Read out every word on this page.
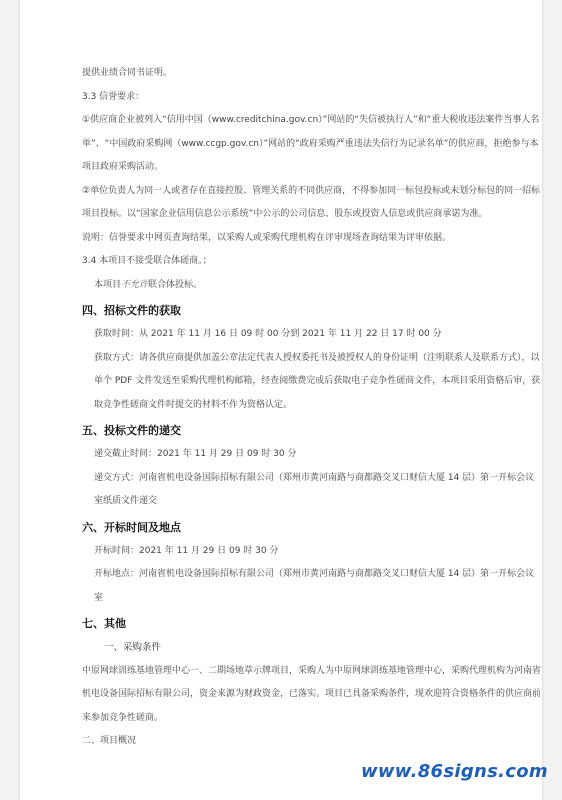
提供业绩合同书证明。

3.3 信誉要求：

①供应商企业被列入“信用中国（www.creditchina.gov.cn）”网站的“失信被执行人”和“重大税收违法案件当事人名单”、“中国政府采购网（www.ccgp.gov.cn）”网站的“政府采购严重违法失信行为记录名单”的供应商，拒绝参与本项目政府采购活动。

②单位负责人为同一人或者存在直接控股、管理关系的不同供应商，不得参加同一标包投标或未划分标包的同一招标项目投标。以“国家企业信用信息公示系统”中公示的公司信息、股东或投资人信息或供应商承诺为准。

说明：信誉要求中网页查询结果，以采购人或采购代理机构在评审现场查询结果为评审依据。

3.4 本项目不接受联合体磋商。；

本项目不允许联合体投标。

四、招标文件的获取

获取时间：从 2021 年 11 月 16 日 09 时 00 分到 2021 年 11 月 22 日 17 时 00 分

获取方式：请各供应商提供加盖公章法定代表人授权委托书及被授权人的身份证明（注明联系人及联系方式），以单个 PDF 文件发送至采购代理机构邮箱，经查阅缴费完成后获取电子竞争性磋商文件，本项目采用资格后审，获取竞争性磋商文件时提交的材料不作为资格认定。

五、投标文件的递交

递交截止时间：2021 年 11 月 29 日 09 时 30 分

递交方式：河南省机电设备国际招标有限公司（郑州市黄河南路与商都路交叉口财信大厦 14 层）第一开标会议室纸质文件递交

六、开标时间及地点

开标时间：2021 年 11 月 29 日 09 时 30 分

开标地点：河南省机电设备国际招标有限公司（郑州市黄河南路与商都路交叉口财信大厦 14 层）第一开标会议室

七、其他

一、采购条件

中原网球训练基地管理中心一、二期场地草示牌项目，采购人为中原网球训练基地管理中心，采购代理机构为河南省机电设备国际招标有限公司，资金来源为财政资金，已落实。项目已具备采购条件，现欢迎符合资格条件的供应商前来参加竞争性磋商。

二、项目概况

www.86signs.com
